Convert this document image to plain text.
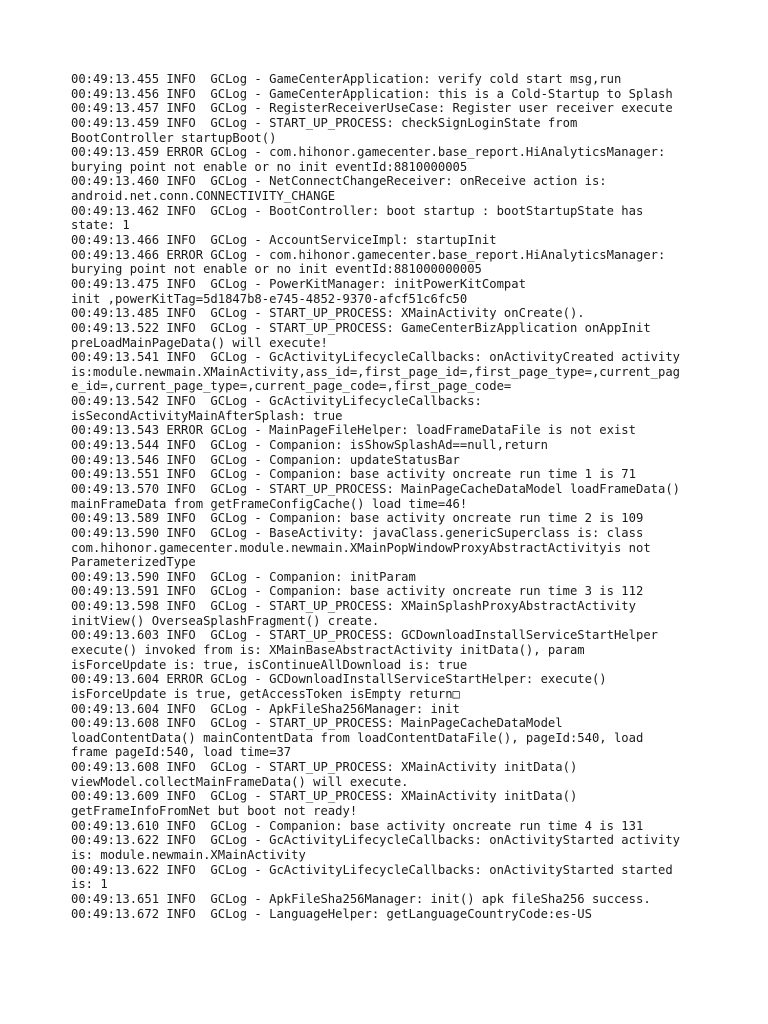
00:49:13.455 INFO  GCLog - GameCenterApplication: verify cold start msg,run
00:49:13.456 INFO  GCLog - GameCenterApplication: this is a Cold-Startup to Splash
00:49:13.457 INFO  GCLog - RegisterReceiverUseCase: Register user receiver execute
00:49:13.459 INFO  GCLog - START_UP_PROCESS: checkSignLoginState from
BootController startupBoot()
00:49:13.459 ERROR GCLog - com.hihonor.gamecenter.base_report.HiAnalyticsManager:
burying point not enable or no init eventId:8810000005
00:49:13.460 INFO  GCLog - NetConnectChangeReceiver: onReceive action is:
android.net.conn.CONNECTIVITY_CHANGE
00:49:13.462 INFO  GCLog - BootController: boot startup : bootStartupState has
state: 1
00:49:13.466 INFO  GCLog - AccountServiceImpl: startupInit
00:49:13.466 ERROR GCLog - com.hihonor.gamecenter.base_report.HiAnalyticsManager:
burying point not enable or no init eventId:881000000005
00:49:13.475 INFO  GCLog - PowerKitManager: initPowerKitCompat
init ,powerKitTag=5d1847b8-e745-4852-9370-afcf51c6fc50
00:49:13.485 INFO  GCLog - START_UP_PROCESS: XMainActivity onCreate().
00:49:13.522 INFO  GCLog - START_UP_PROCESS: GameCenterBizApplication onAppInit
preLoadMainPageData() will execute!
00:49:13.541 INFO  GCLog - GcActivityLifecycleCallbacks: onActivityCreated activity
is:module.newmain.XMainActivity,ass_id=,first_page_id=,first_page_type=,current_pag
e_id=,current_page_type=,current_page_code=,first_page_code=
00:49:13.542 INFO  GCLog - GcActivityLifecycleCallbacks:
isSecondActivityMainAfterSplash: true
00:49:13.543 ERROR GCLog - MainPageFileHelper: loadFrameDataFile is not exist
00:49:13.544 INFO  GCLog - Companion: isShowSplashAd==null,return
00:49:13.546 INFO  GCLog - Companion: updateStatusBar
00:49:13.551 INFO  GCLog - Companion: base activity oncreate run time 1 is 71
00:49:13.570 INFO  GCLog - START_UP_PROCESS: MainPageCacheDataModel loadFrameData()
mainFrameData from getFrameConfigCache() load time=46!
00:49:13.589 INFO  GCLog - Companion: base activity oncreate run time 2 is 109
00:49:13.590 INFO  GCLog - BaseActivity: javaClass.genericSuperclass is: class
com.hihonor.gamecenter.module.newmain.XMainPopWindowProxyAbstractActivityis not
ParameterizedType
00:49:13.590 INFO  GCLog - Companion: initParam
00:49:13.591 INFO  GCLog - Companion: base activity oncreate run time 3 is 112
00:49:13.598 INFO  GCLog - START_UP_PROCESS: XMainSplashProxyAbstractActivity
initView() OverseaSplashFragment() create.
00:49:13.603 INFO  GCLog - START_UP_PROCESS: GCDownloadInstallServiceStartHelper
execute() invoked from is: XMainBaseAbstractActivity initData(), param
isForceUpdate is: true, isContinueAllDownload is: true
00:49:13.604 ERROR GCLog - GCDownloadInstallServiceStartHelper: execute()
isForceUpdate is true, getAccessToken isEmpty return□
00:49:13.604 INFO  GCLog - ApkFileSha256Manager: init
00:49:13.608 INFO  GCLog - START_UP_PROCESS: MainPageCacheDataModel
loadContentData() mainContentData from loadContentDataFile(), pageId:540, load
frame pageId:540, load time=37
00:49:13.608 INFO  GCLog - START_UP_PROCESS: XMainActivity initData()
viewModel.collectMainFrameData() will execute.
00:49:13.609 INFO  GCLog - START_UP_PROCESS: XMainActivity initData()
getFrameInfoFromNet but boot not ready!
00:49:13.610 INFO  GCLog - Companion: base activity oncreate run time 4 is 131
00:49:13.622 INFO  GCLog - GcActivityLifecycleCallbacks: onActivityStarted activity
is: module.newmain.XMainActivity
00:49:13.622 INFO  GCLog - GcActivityLifecycleCallbacks: onActivityStarted started
is: 1
00:49:13.651 INFO  GCLog - ApkFileSha256Manager: init() apk fileSha256 success.
00:49:13.672 INFO  GCLog - LanguageHelper: getLanguageCountryCode:es-US
